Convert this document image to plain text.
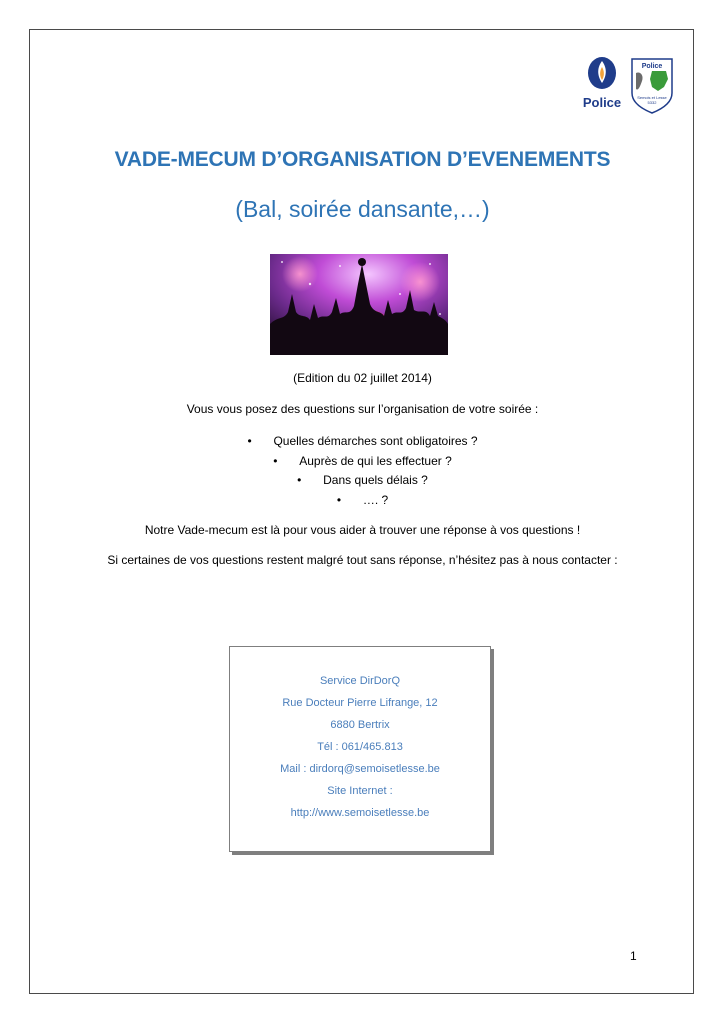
Police
Police
Semois et Lesse
5332
VADE-MECUM D’ORGANISATION D’EVENEMENTS
(Bal, soirée dansante,…)
(Edition du 02 juillet 2014)
Vous vous posez des questions sur l’organisation de votre soirée :
• Quelles démarches sont obligatoires ?
• Auprès de qui les effectuer ?
• Dans quels délais ?
• …. ?
Notre Vade-mecum est là pour vous aider à trouver une réponse à vos questions !
Si certaines de vos questions restent malgré tout sans réponse, n’hésitez pas à nous contacter :
Service DirDorQ
Rue Docteur Pierre Lifrange, 12
6880 Bertrix
Tél : 061/465.813
Mail : dirdorq@semoisetlesse.be
Site Internet :
http://www.semoisetlesse.be
1
